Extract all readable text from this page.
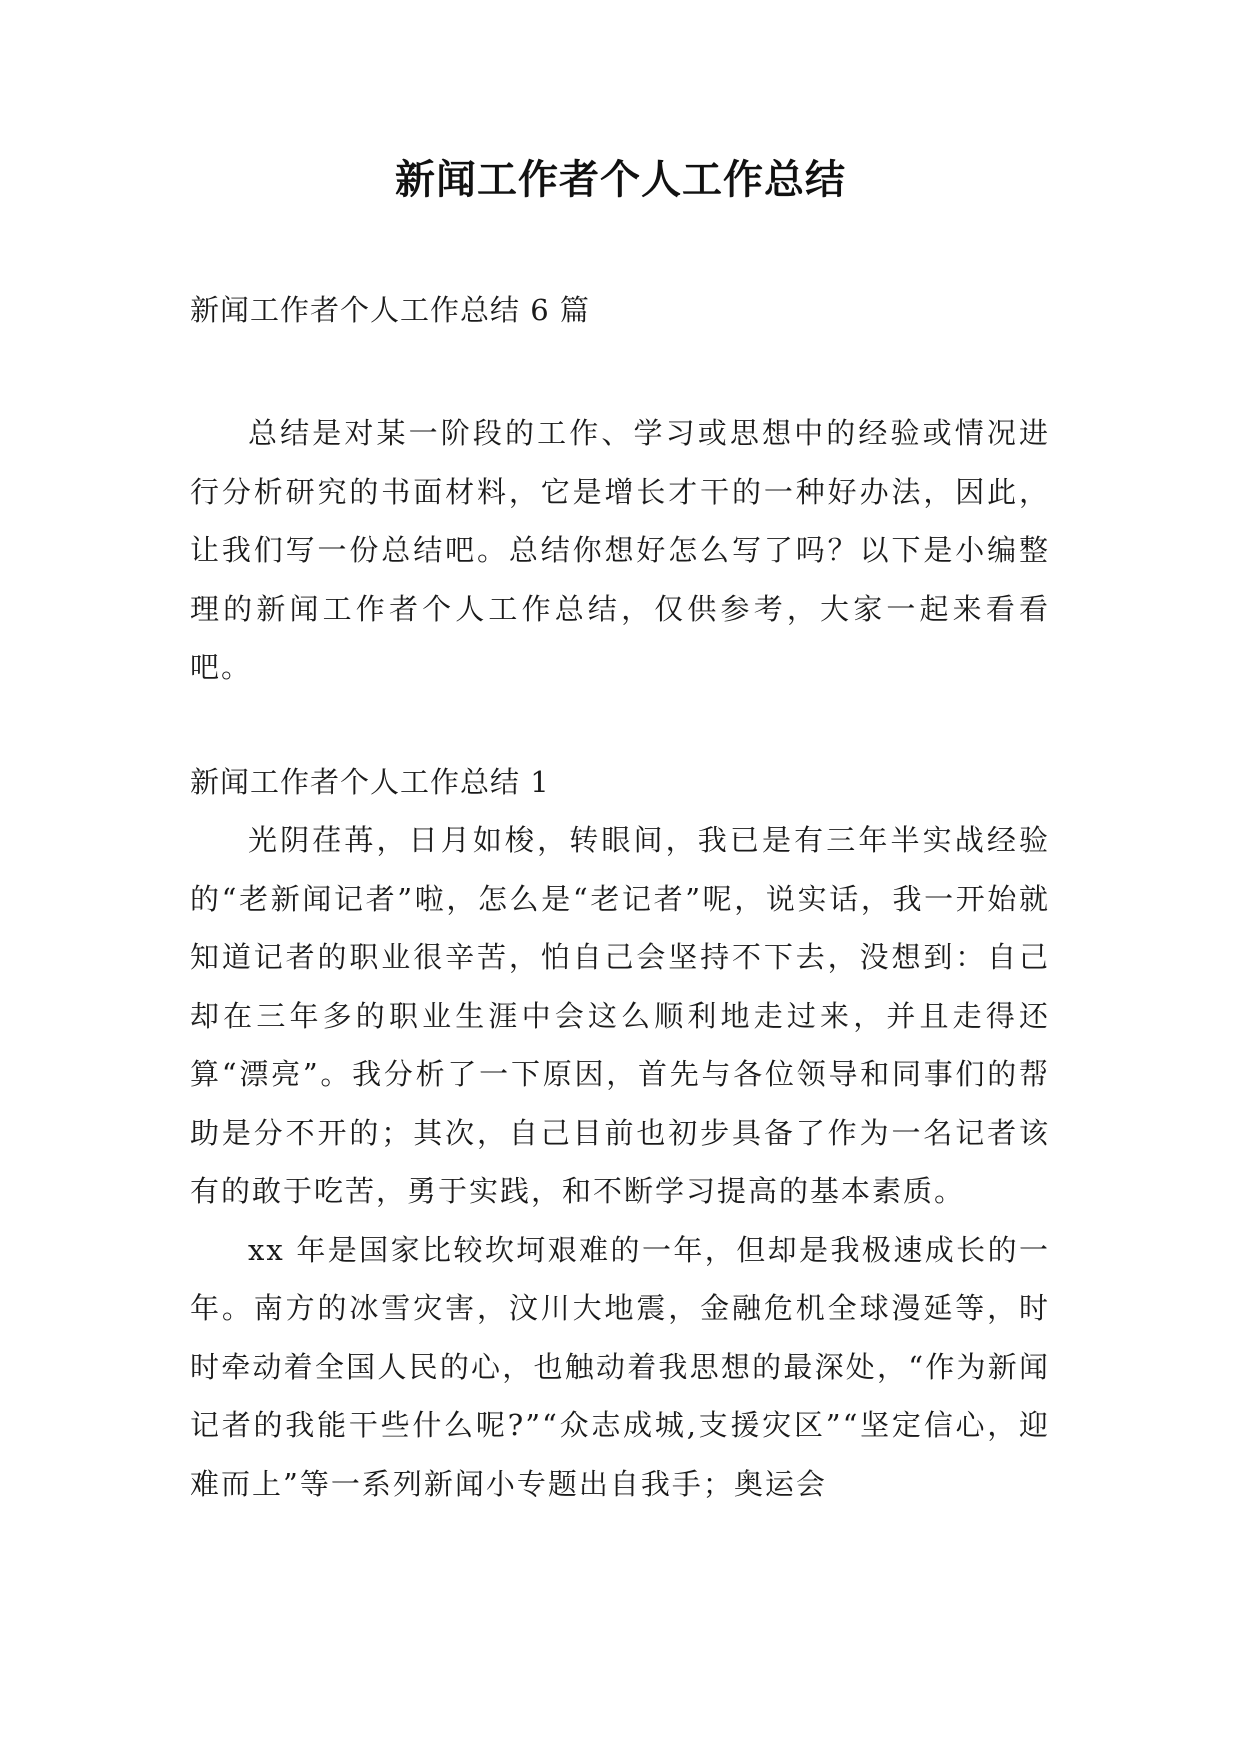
新闻工作者个人工作总结

新闻工作者个人工作总结 6 篇

总结是对某一阶段的工作、学习或思想中的经验或情况进行分析研究的书面材料，它是增长才干的一种好办法，因此，让我们写一份总结吧。总结你想好怎么写了吗？以下是小编整理的新闻工作者个人工作总结，仅供参考，大家一起来看看吧。

新闻工作者个人工作总结 1

光阴荏苒，日月如梭，转眼间，我已是有三年半实战经验的“老新闻记者”啦，怎么是“老记者”呢，说实话，我一开始就知道记者的职业很辛苦，怕自己会坚持不下去，没想到：自己却在三年多的职业生涯中会这么顺利地走过来，并且走得还算“漂亮”。我分析了一下原因，首先与各位领导和同事们的帮助是分不开的；其次，自己目前也初步具备了作为一名记者该有的敢于吃苦，勇于实践，和不断学习提高的基本素质。

xx 年是国家比较坎坷艰难的一年，但却是我极速成长的一年。南方的冰雪灾害，汶川大地震，金融危机全球漫延等，时时牵动着全国人民的心，也触动着我思想的最深处，“作为新闻记者的我能干些什么呢?”“众志成城,支援灾区”“坚定信心，迎难而上”等一系列新闻小专题出自我手；奥运会
